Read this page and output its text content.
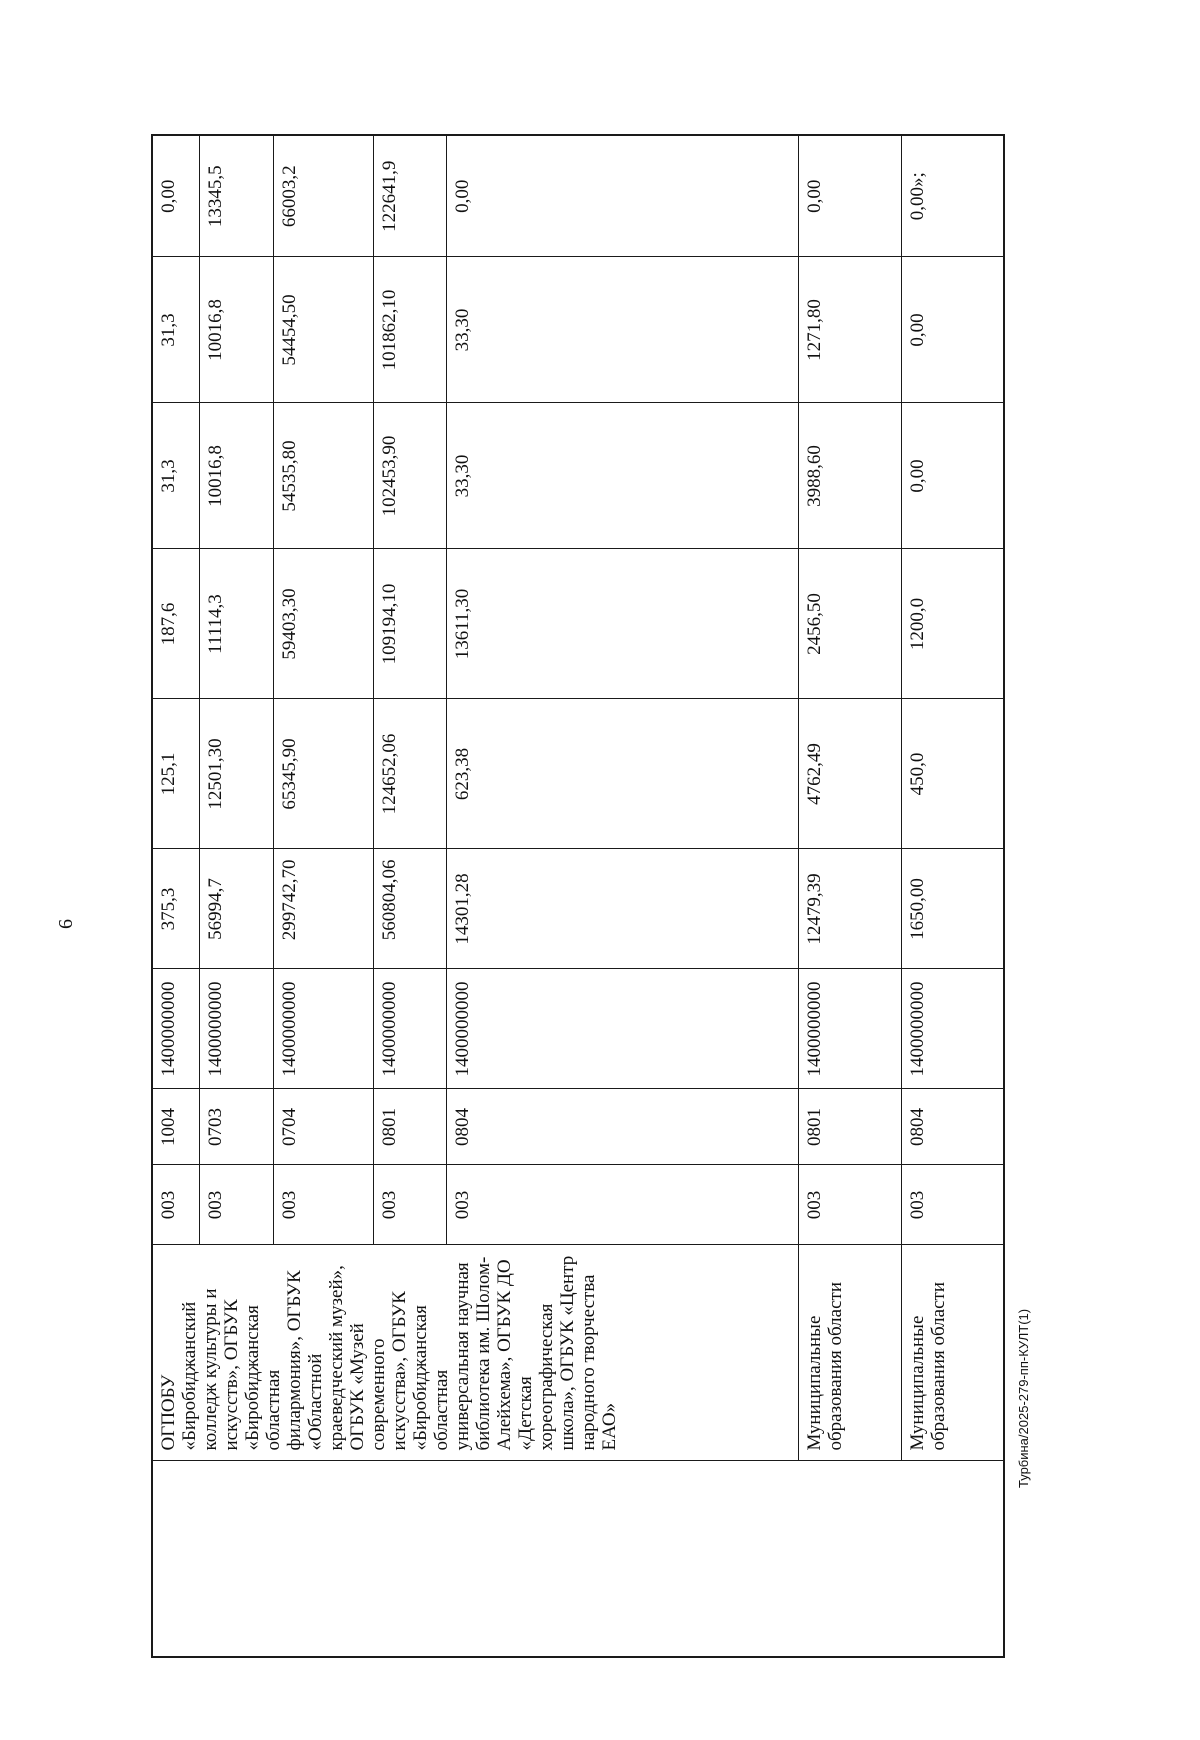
6
	ОГПОБУ «Биробиджанский колледж культуры и искусств», ОГБУК «Биробиджанская областная филармония», ОГБУК «Областной краеведческий музей», ОГБУК «Музей современного искусства», ОГБУК «Биробиджанская областная универсальная научная библиотека им. Шолом-Алейхема», ОГБУК ДО «Детская хореографическая школа», ОГБУК «Центр народного творчества ЕАО»	003	1004	1400000000	375,3	125,1	187,6	31,3	31,3	0,00
		003	0703	1400000000	56994,7	12501,30	11114,3	10016,8	10016,8	13345,5
		003	0704	1400000000	299742,70	65345,90	59403,30	54535,80	54454,50	66003,2
		003	0801	1400000000	560804,06	124652,06	109194,10	102453,90	101862,10	122641,9
		003	0804	1400000000	14301,28	623,38	13611,30	33,30	33,30	0,00
	Муниципальные образования области	003	0801	1400000000	12479,39	4762,49	2456,50	3988,60	1271,80	0,00
	Муниципальные образования области	003	0804	1400000000	1650,00	450,0	1200,0	0,00	0,00	0,00»;
Турбина/2025-279-пп-КУЛТ(1)
